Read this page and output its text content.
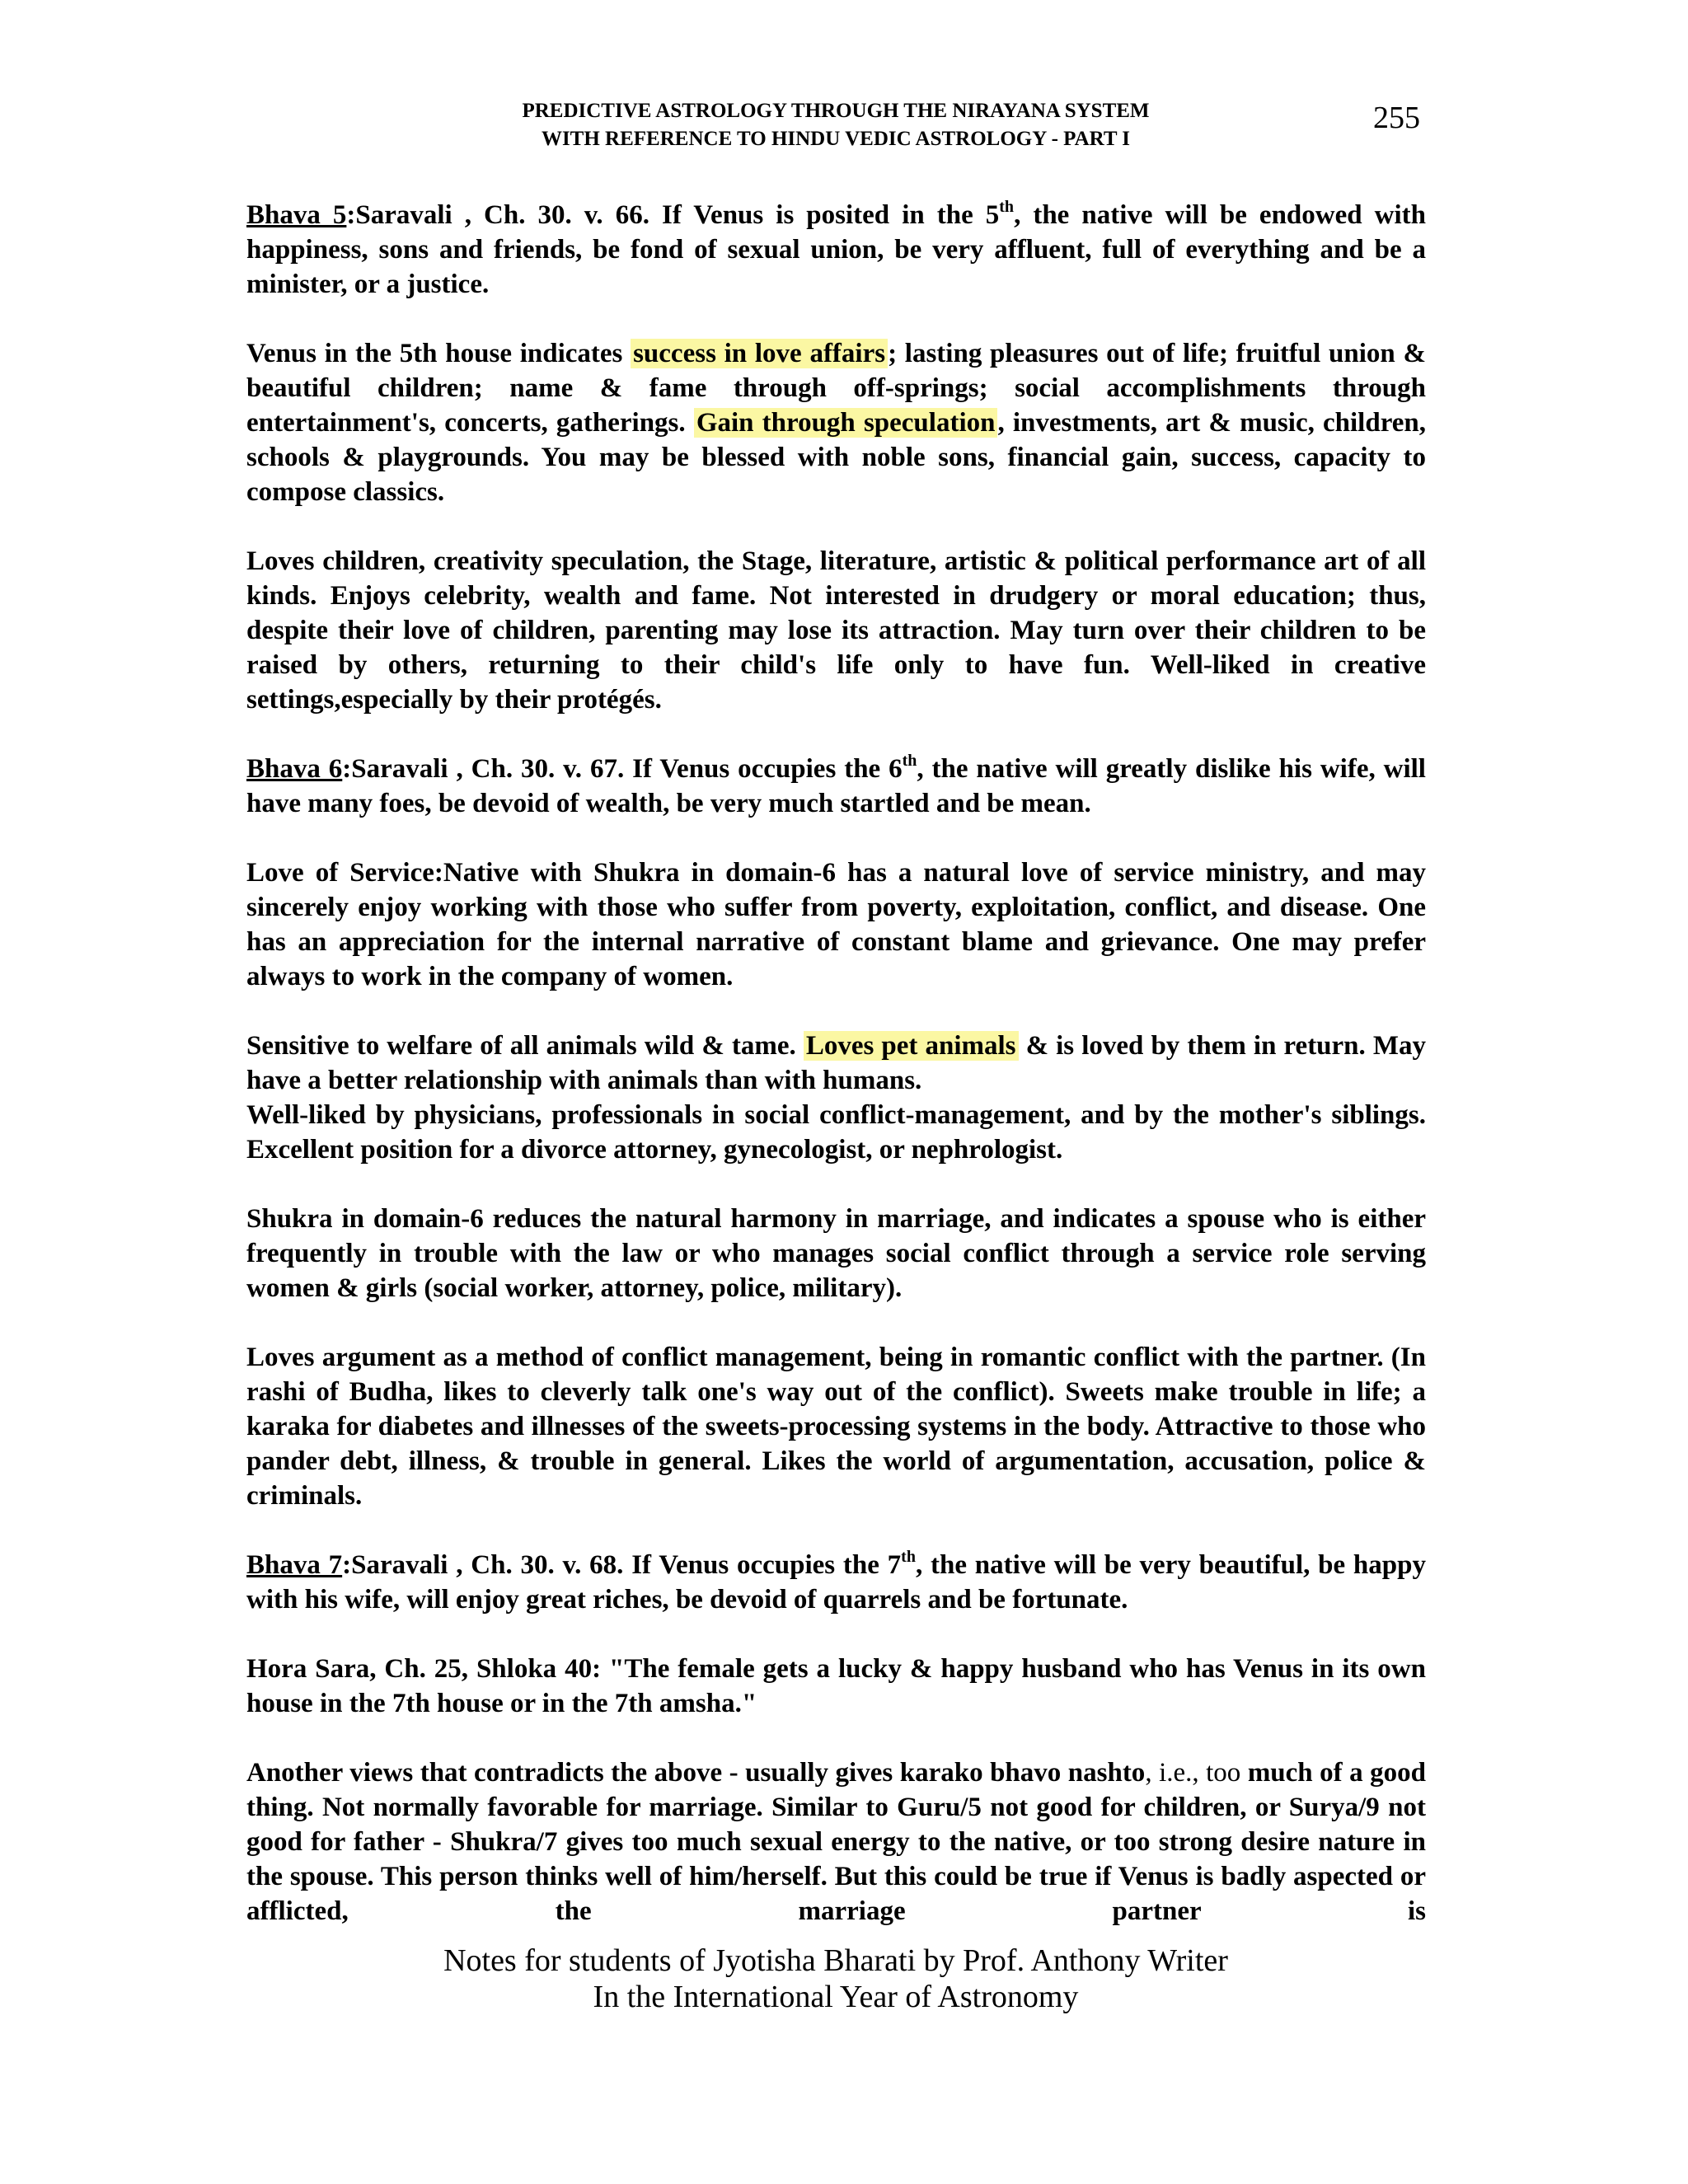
PREDICTIVE ASTROLOGY THROUGH THE NIRAYANA SYSTEM
WITH REFERENCE TO HINDU VEDIC ASTROLOGY - PART I
255

Bhava 5:Saravali , Ch. 30. v. 66. If Venus is posited in the 5th, the native will be endowed with happiness, sons and friends, be fond of sexual union, be very affluent, full of everything and be a minister, or a justice.

Venus in the 5th house indicates success in love affairs; lasting pleasures out of life; fruitful union & beautiful children; name & fame through off-springs; social accomplishments through entertainment's, concerts, gatherings. Gain through speculation, investments, art & music, children, schools & playgrounds. You may be blessed with noble sons, financial gain, success, capacity to compose classics.

Loves children, creativity speculation, the Stage, literature, artistic & political performance art of all kinds. Enjoys celebrity, wealth and fame. Not interested in drudgery or moral education; thus, despite their love of children, parenting may lose its attraction. May turn over their children to be raised by others, returning to their child's life only to have fun. Well-liked in creative settings,especially by their protégés.

Bhava 6:Saravali , Ch. 30. v. 67. If Venus occupies the 6th, the native will greatly dislike his wife, will have many foes, be devoid of wealth, be very much startled and be mean.

Love of Service:Native with Shukra in domain-6 has a natural love of service ministry, and may sincerely enjoy working with those who suffer from poverty, exploitation, conflict, and disease. One has an appreciation for the internal narrative of constant blame and grievance. One may prefer always to work in the company of women.

Sensitive to welfare of all animals wild & tame. Loves pet animals & is loved by them in return. May have a better relationship with animals than with humans.

Well-liked by physicians, professionals in social conflict-management, and by the mother's siblings. Excellent position for a divorce attorney, gynecologist, or nephrologist.

Shukra in domain-6 reduces the natural harmony in marriage, and indicates a spouse who is either frequently in trouble with the law or who manages social conflict through a service role serving women & girls (social worker, attorney, police, military).

Loves argument as a method of conflict management, being in romantic conflict with the partner. (In rashi of Budha, likes to cleverly talk one's way out of the conflict). Sweets make trouble in life; a karaka for diabetes and illnesses of the sweets-processing systems in the body. Attractive to those who pander debt, illness, & trouble in general. Likes the world of argumentation, accusation, police & criminals.

Bhava 7:Saravali , Ch. 30. v. 68. If Venus occupies the 7th, the native will be very beautiful, be happy with his wife, will enjoy great riches, be devoid of quarrels and be fortunate.

Hora Sara, Ch. 25, Shloka 40: "The female gets a lucky & happy husband who has Venus in its own house in the 7th house or in the 7th amsha."

Another views that contradicts the above - usually gives karako bhavo nashto, i.e., too much of a good thing. Not normally favorable for marriage. Similar to Guru/5 not good for children, or Surya/9 not good for father - Shukra/7 gives too much sexual energy to the native, or too strong desire nature in the spouse. This person thinks well of him/herself. But this could be true if Venus is badly aspected or afflicted, the marriage partner is

Notes for students of Jyotisha Bharati by Prof. Anthony Writer
In the International Year of Astronomy
